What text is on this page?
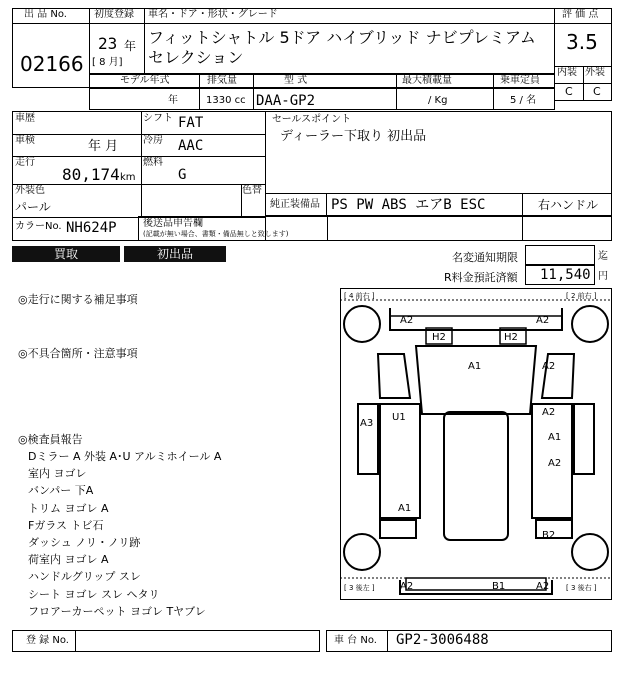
出 品 No.
02166
初度登録
23 年
[ 8 月]
車名・ドア・形状・グレード
フィットシャトル 5ドア ハイブリッド ナビプレミアムセレクション
評 価 点
3.5
内装 外装
C C
モデル年式
年
排気量
1330 cc
型 式
DAA-GP2
最大積載量
/ Kg
乗車定員
5 / 名
車歴	シフト FAT
車検	年 月 冷房 AAC
走行
80,174 km
燃料
G
外装色
パール
色替
カラーNo. NH624P	後送品申告欄
(記載が無い場合、書類・備品無しと致します)
セールスポイント
ディーラー下取り 初出品
純正装備品 PS PW ABS エアB ESC	右ハンドル
買取	初出品	名変通知期限	迄
R料金預託済額 11,540 円
◎走行に関する補足事項
◎不具合箇所・注意事項
◎検査員報告
Dミラー A 外装 A･U アルミホイール A
室内 ヨゴレ
バンパー 下A
トリム ヨゴレ A
Fガラス トビ石
ダッシュ ノリ・ノリ跡
荷室内 ヨゴレ A
ハンドルグリップ スレ
シート ヨゴレ スレ ヘタリ
フロアーカーペット ヨゴレ Tヤブレ
[ 4 前右 ]	[ 2 前右 ]
[ 3 後左 ]	[ 3 後右 ]
A2	A2
H2	H2
A1	A2
A2
A3
U1
A1
A2
A1
B2
A2	B1	A2
登 録 No.	車 台 No. GP2-3006488
